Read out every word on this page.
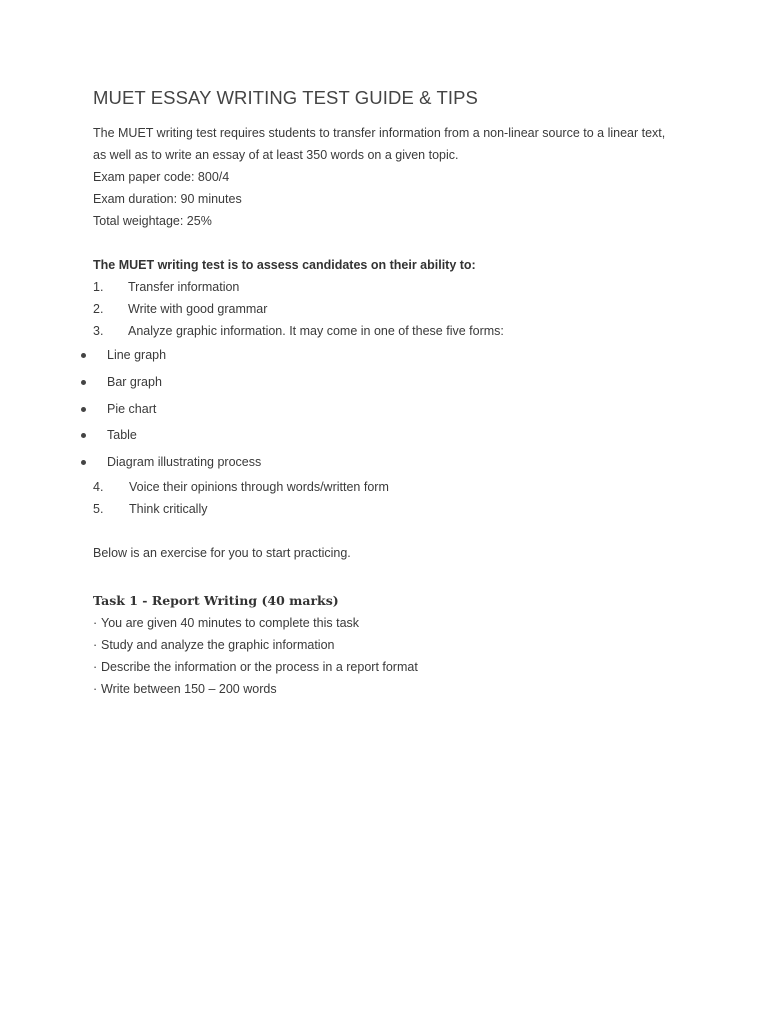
MUET ESSAY WRITING TEST GUIDE & TIPS

The MUET writing test requires students to transfer information from a non-linear source to a linear text,

as well as to write an essay of at least 350 words on a given topic.

Exam paper code: 800/4

Exam duration: 90 minutes

Total weightage: 25%

The MUET writing test is to assess candidates on their ability to:

1. Transfer information
2. Write with good grammar
3. Analyze graphic information. It may come in one of these five forms:
Line graph
Bar graph
Pie chart
Table
Diagram illustrating process
4. Voice their opinions through words/written form
5. Think critically

Below is an exercise for you to start practicing.

Task 1 - Report Writing (40 marks)
· You are given 40 minutes to complete this task
· Study and analyze the graphic information
· Describe the information or the process in a report format
· Write between 150 – 200 words
